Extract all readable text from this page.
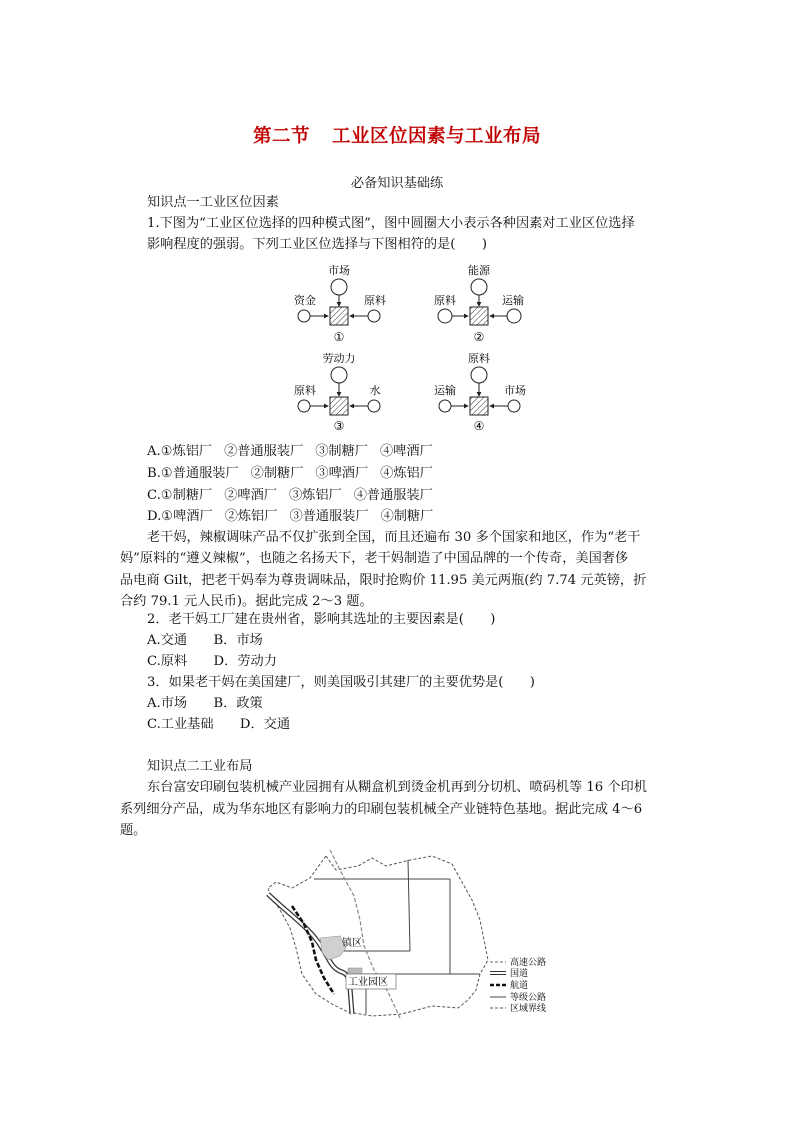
第二节 工业区位因素与工业布局
必备知识基础练
知识点一工业区位因素
1.下图为“工业区位选择的四种模式图”，图中圆圈大小表示各种因素对工业区位选择
影响程度的强弱。下列工业区位选择与下图相符的是(　　)
市场
资金	原料
①
能源
原料	运输
②
劳动力
原料	水
③
原料
运输	市场
④
A.①炼铝厂 ②普通服装厂 ③制糖厂 ④啤酒厂
B.①普通服装厂 ②制糖厂 ③啤酒厂 ④炼铝厂
C.①制糖厂 ②啤酒厂 ③炼铝厂 ④普通服装厂
D.①啤酒厂 ②炼铝厂 ③普通服装厂 ④制糖厂
老干妈，辣椒调味产品不仅扩张到全国，而且还遍布 30 多个国家和地区，作为“老干
妈”原料的“遵义辣椒”，也随之名扬天下，老干妈制造了中国品牌的一个传奇，美国奢侈
品电商 Gilt，把老干妈奉为尊贵调味品，限时抢购价 11.95 美元两瓶(约 7.74 元英镑，折
合约 79.1 元人民币)。据此完成 2～3 题。
2．老干妈工厂建在贵州省，影响其选址的主要因素是(　　)
A.交通　　B．市场
C.原料　　D．劳动力
3．如果老干妈在美国建厂，则美国吸引其建厂的主要优势是(　　)
A.市场　　B．政策
C.工业基础　　D．交通
知识点二工业布局
东台富安印刷包装机械产业园拥有从糊盒机到烫金机再到分切机、喷码机等 16 个印机
系列细分产品，成为华东地区有影响力的印刷包装机械全产业链特色基地。据此完成 4～6
题。
镇区
工业园区
高速公路
国道
航道
等级公路
区域界线
